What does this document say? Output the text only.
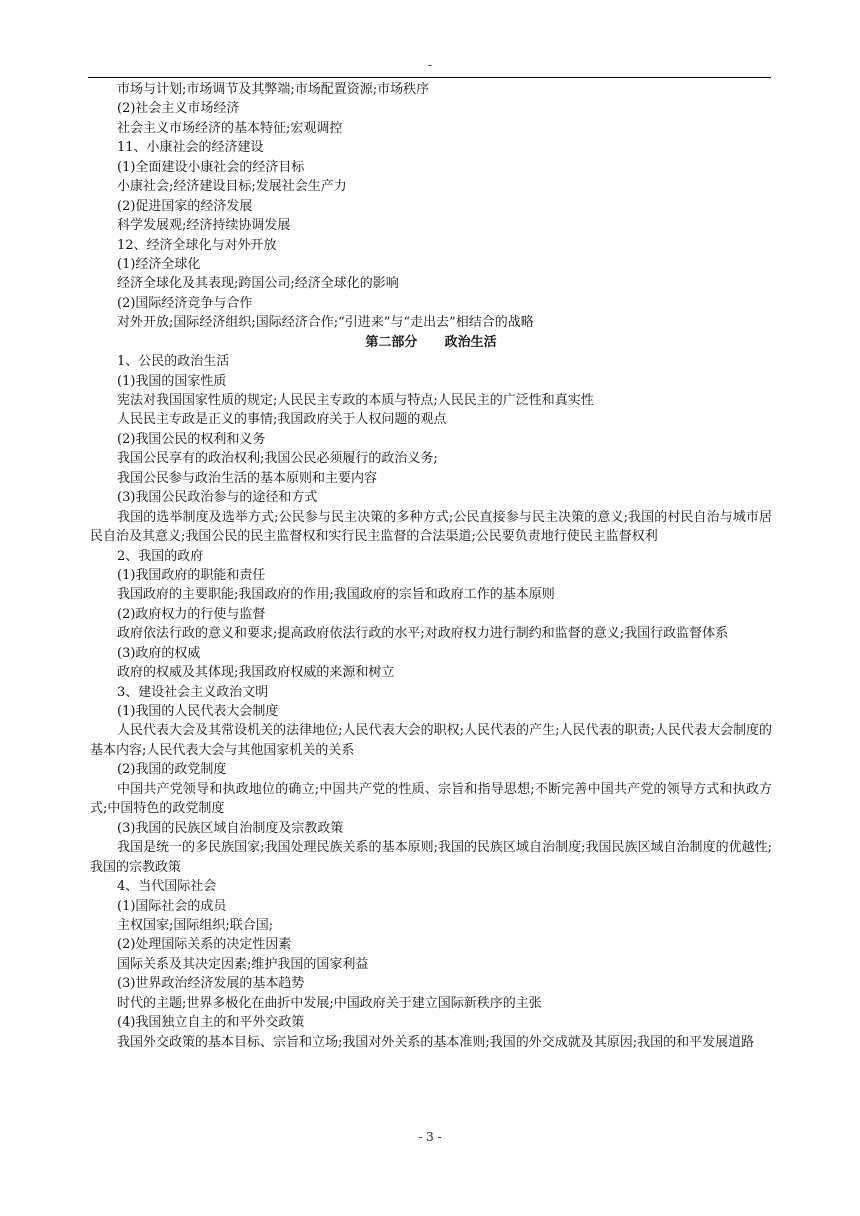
-
市场与计划;市场调节及其弊端;市场配置资源;市场秩序
(2)社会主义市场经济
社会主义市场经济的基本特征;宏观调控
11、小康社会的经济建设
(1)全面建设小康社会的经济目标
小康社会;经济建设目标;发展社会生产力
(2)促进国家的经济发展
科学发展观;经济持续协调发展
12、经济全球化与对外开放
(1)经济全球化
经济全球化及其表现;跨国公司;经济全球化的影响
(2)国际经济竞争与合作
对外开放;国际经济组织;国际经济合作;“引进来”与“走出去”相结合的战略
第二部分      政治生活
1、公民的政治生活
(1)我国的国家性质
宪法对我国国家性质的规定;人民民主专政的本质与特点;人民民主的广泛性和真实性
人民民主专政是正义的事情;我国政府关于人权问题的观点
(2)我国公民的权利和义务
我国公民享有的政治权利;我国公民必须履行的政治义务;
我国公民参与政治生活的基本原则和主要内容
(3)我国公民政治参与的途径和方式
我国的选举制度及选举方式;公民参与民主决策的多种方式;公民直接参与民主决策的意义;我国的村民自治与城市居民自治及其意义;我国公民的民主监督权和实行民主监督的合法渠道;公民要负责地行使民主监督权利
2、我国的政府
(1)我国政府的职能和责任
我国政府的主要职能;我国政府的作用;我国政府的宗旨和政府工作的基本原则
(2)政府权力的行使与监督
政府依法行政的意义和要求;提高政府依法行政的水平;对政府权力进行制约和监督的意义;我国行政监督体系
(3)政府的权威
政府的权威及其体现;我国政府权威的来源和树立
3、建设社会主义政治文明
(1)我国的人民代表大会制度
人民代表大会及其常设机关的法律地位;人民代表大会的职权;人民代表的产生;人民代表的职责;人民代表大会制度的基本内容;人民代表大会与其他国家机关的关系
(2)我国的政党制度
中国共产党领导和执政地位的确立;中国共产党的性质、宗旨和指导思想;不断完善中国共产党的领导方式和执政方式;中国特色的政党制度
(3)我国的民族区域自治制度及宗教政策
我国是统一的多民族国家;我国处理民族关系的基本原则;我国的民族区域自治制度;我国民族区域自治制度的优越性;我国的宗教政策
4、当代国际社会
(1)国际社会的成员
主权国家;国际组织;联合国;
(2)处理国际关系的决定性因素
国际关系及其决定因素;维护我国的国家利益
(3)世界政治经济发展的基本趋势
时代的主题;世界多极化在曲折中发展;中国政府关于建立国际新秩序的主张
(4)我国独立自主的和平外交政策
我国外交政策的基本目标、宗旨和立场;我国对外关系的基本准则;我国的外交成就及其原因;我国的和平发展道路
- 3 -
